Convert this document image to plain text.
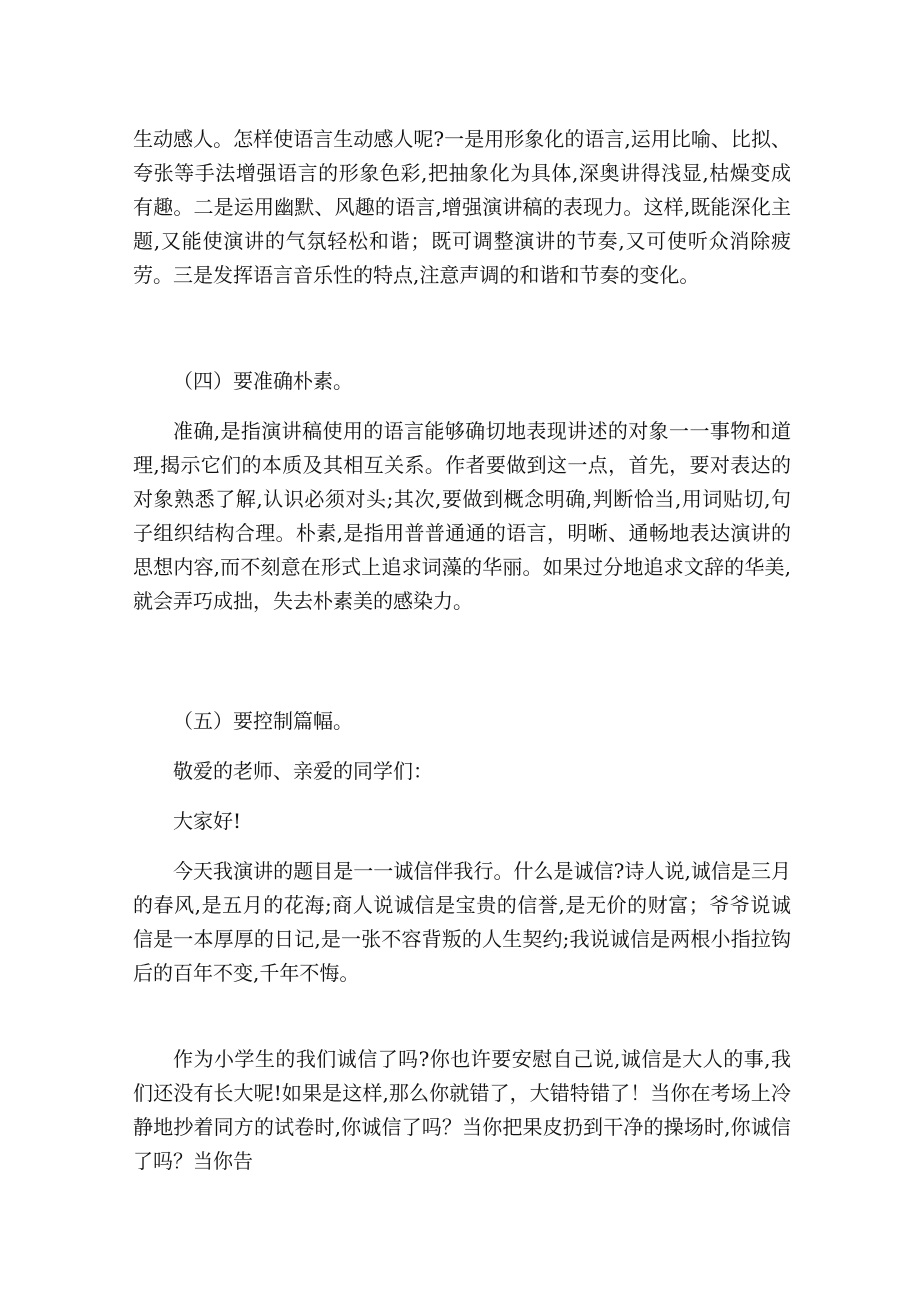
生动感人。怎样使语言生动感人呢?一是用形象化的语言,运用比喻、比拟、夸张等手法增强语言的形象色彩,把抽象化为具体,深奥讲得浅显,枯燥变成有趣。二是运用幽默、风趣的语言,增强演讲稿的表现力。这样,既能深化主题,又能使演讲的气氛轻松和谐；既可调整演讲的节奏,又可使听众消除疲劳。三是发挥语言音乐性的特点,注意声调的和谐和节奏的变化。

（四）要准确朴素。

准确,是指演讲稿使用的语言能够确切地表现讲述的对象一一事物和道理,揭示它们的本质及其相互关系。作者要做到这一点，首先，要对表达的对象熟悉了解,认识必须对头;其次,要做到概念明确,判断恰当,用词贴切,句子组织结构合理。朴素,是指用普普通通的语言，明晰、通畅地表达演讲的思想内容,而不刻意在形式上追求词藻的华丽。如果过分地追求文辞的华美,就会弄巧成拙，失去朴素美的感染力。

（五）要控制篇幅。

敬爱的老师、亲爱的同学们：

大家好!

今天我演讲的题目是一一诚信伴我行。什么是诚信?诗人说,诚信是三月的春风,是五月的花海;商人说诚信是宝贵的信誉,是无价的财富；爷爷说诚信是一本厚厚的日记,是一张不容背叛的人生契约;我说诚信是两根小指拉钩后的百年不变,千年不悔。

作为小学生的我们诚信了吗?你也许要安慰自己说,诚信是大人的事,我们还没有长大呢!如果是这样,那么你就错了，大错特错了！当你在考场上冷静地抄着同方的试卷时,你诚信了吗？当你把果皮扔到干净的操场时,你诚信了吗？当你告
